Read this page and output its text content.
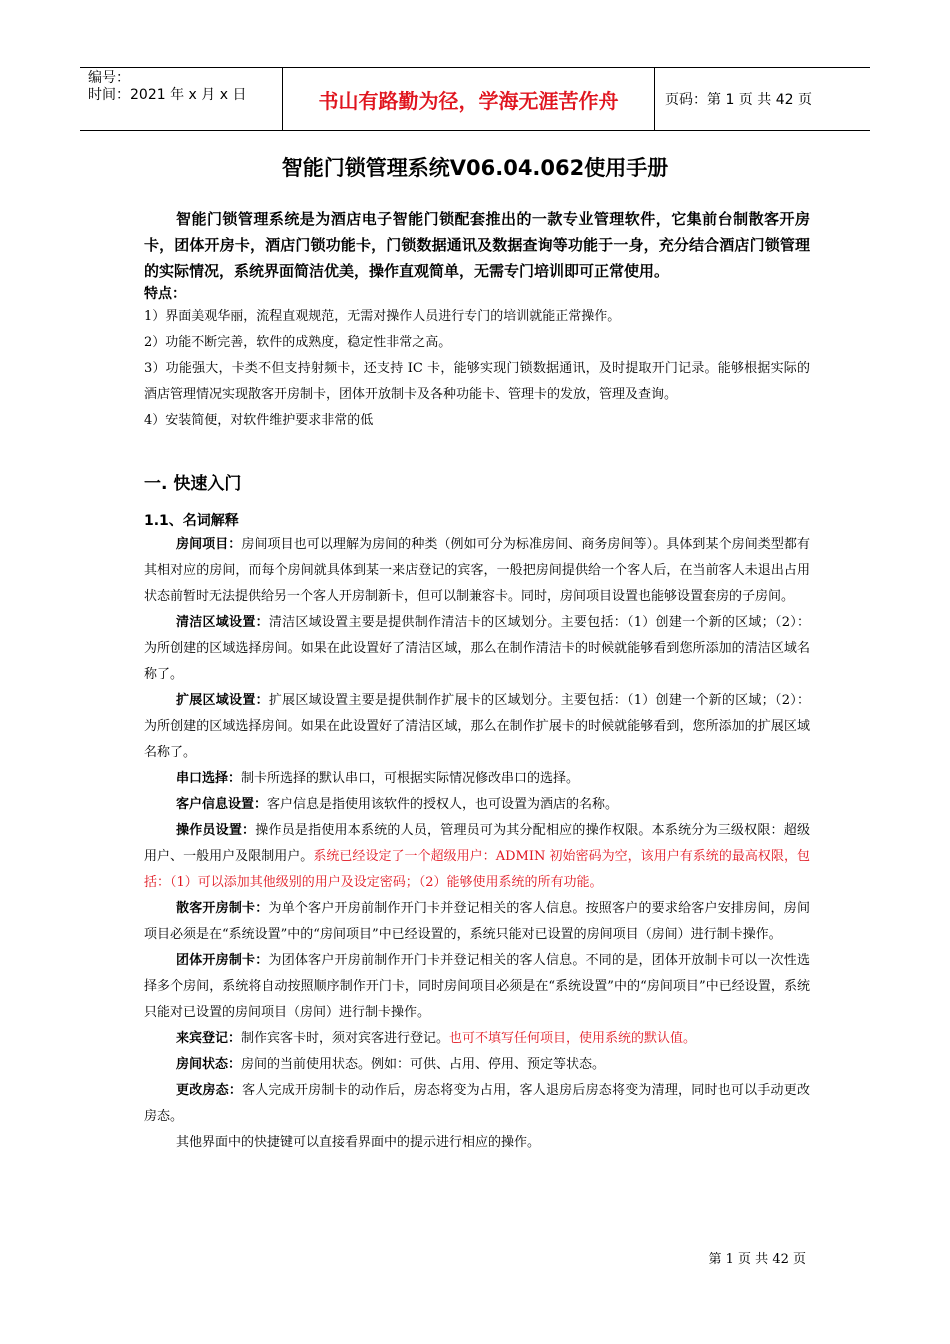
编号：
时间：2021 年 x 月 x 日	书山有路勤为径，学海无涯苦作舟	页码：第 1 页 共 42 页
智能门锁管理系统V06.04.062使用手册

智能门锁管理系统是为酒店电子智能门锁配套推出的一款专业管理软件，它集前台制散客开房卡，团体开房卡，酒店门锁功能卡，门锁数据通讯及数据查询等功能于一身，充分结合酒店门锁管理的实际情况，系统界面简洁优美，操作直观简单，无需专门培训即可正常使用。

特点：

1）界面美观华丽，流程直观规范，无需对操作人员进行专门的培训就能正常操作。

2）功能不断完善，软件的成熟度，稳定性非常之高。

3）功能强大，卡类不但支持射频卡，还支持 IC 卡，能够实现门锁数据通讯，及时提取开门记录。能够根据实际的酒店管理情况实现散客开房制卡，团体开放制卡及各种功能卡、管理卡的发放，管理及查询。

4）安装简便，对软件维护要求非常的低

一. 快速入门
1.1、名词解释

房间项目：房间项目也可以理解为房间的种类（例如可分为标准房间、商务房间等）。具体到某个房间类型都有其相对应的房间，而每个房间就具体到某一来店登记的宾客，一般把房间提供给一个客人后，在当前客人未退出占用状态前暂时无法提供给另一个客人开房制新卡，但可以制兼容卡。同时，房间项目设置也能够设置套房的子房间。

清洁区域设置：清洁区域设置主要是提供制作清洁卡的区域划分。主要包括：（1）创建一个新的区域；（2）：为所创建的区域选择房间。如果在此设置好了清洁区域，那么在制作清洁卡的时候就能够看到您所添加的清洁区域名称了。

扩展区域设置：扩展区域设置主要是提供制作扩展卡的区域划分。主要包括：（1）创建一个新的区域；（2）：为所创建的区域选择房间。如果在此设置好了清洁区域，那么在制作扩展卡的时候就能够看到，您所添加的扩展区域名称了。

串口选择：制卡所选择的默认串口，可根据实际情况修改串口的选择。

客户信息设置：客户信息是指使用该软件的授权人，也可设置为酒店的名称。

操作员设置：操作员是指使用本系统的人员，管理员可为其分配相应的操作权限。本系统分为三级权限：超级用户、一般用户及限制用户。系统已经设定了一个超级用户：ADMIN 初始密码为空，该用户有系统的最高权限，包括：（1）可以添加其他级别的用户及设定密码；（2）能够使用系统的所有功能。

散客开房制卡：为单个客户开房前制作开门卡并登记相关的客人信息。按照客户的要求给客户安排房间，房间项目必须是在“系统设置”中的“房间项目”中已经设置的，系统只能对已设置的房间项目（房间）进行制卡操作。

团体开房制卡：为团体客户开房前制作开门卡并登记相关的客人信息。不同的是，团体开放制卡可以一次性选择多个房间，系统将自动按照顺序制作开门卡，同时房间项目必须是在“系统设置”中的“房间项目”中已经设置，系统只能对已设置的房间项目（房间）进行制卡操作。

来宾登记：制作宾客卡时，须对宾客进行登记。也可不填写任何项目，使用系统的默认值。

房间状态：房间的当前使用状态。例如：可供、占用、停用、预定等状态。

更改房态：客人完成开房制卡的动作后，房态将变为占用，客人退房后房态将变为清理，同时也可以手动更改房态。

其他界面中的快捷键可以直接看界面中的提示进行相应的操作。

第 1 页 共 42 页
